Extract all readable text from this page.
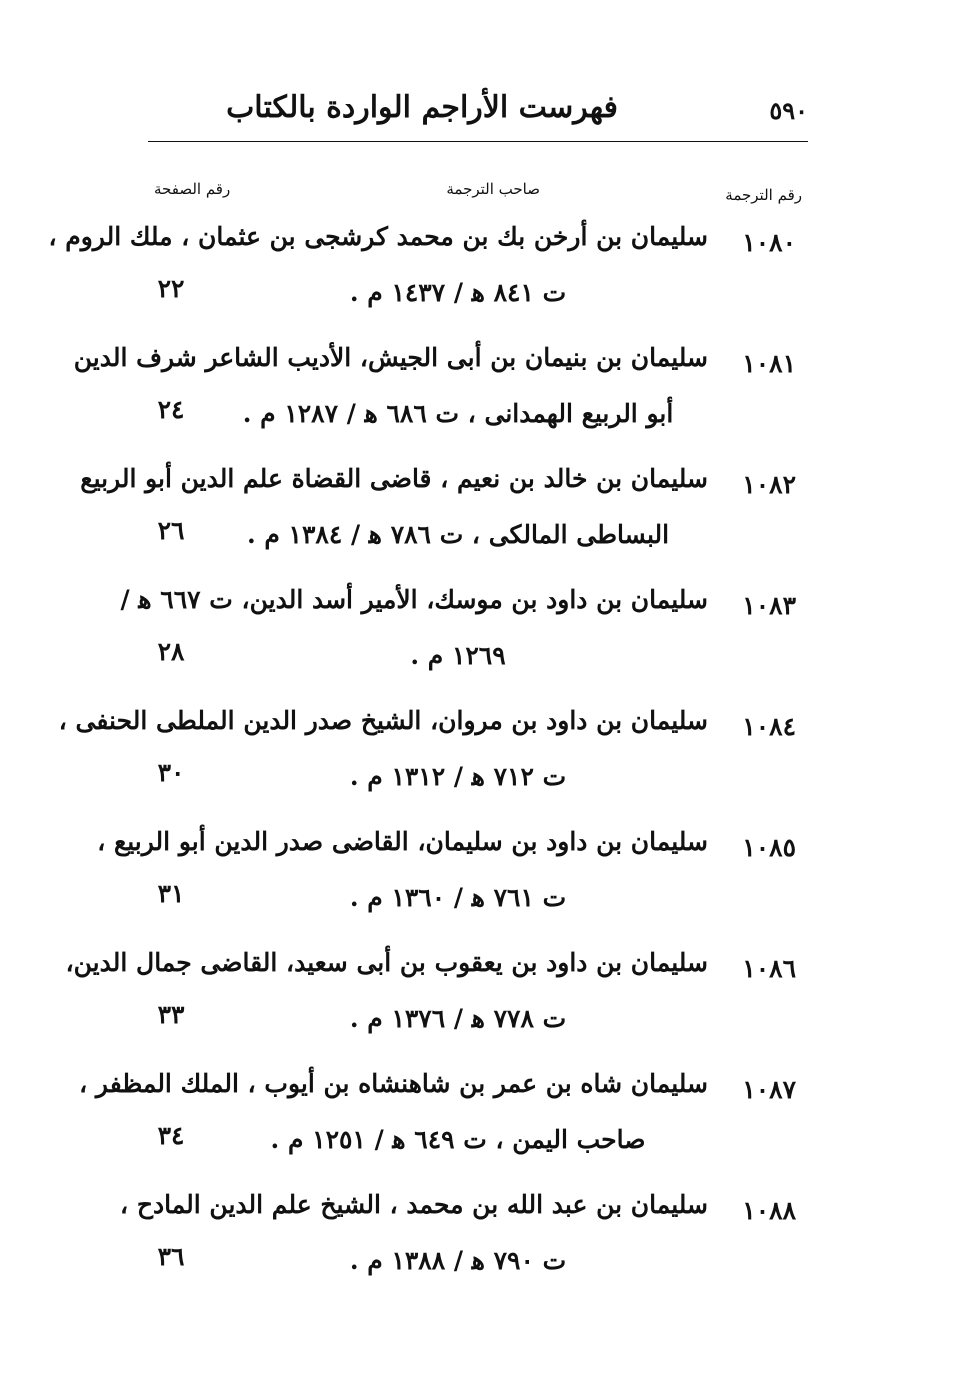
فهرست الأراجم الواردة بالكتاب	٥٩٠
رقم الترجمة
صاحب الترجمة
رقم الصفحة
١٠٨٠
سليمان بن أرخن بك بن محمد كرشجى بن عثمان ، ملك الروم ،
ت ٨٤١ ﻫ / ١٤٣٧ م .
٢٢
١٠٨١
سليمان بن بنيمان بن أبى الجيش، الأديب الشاعر شرف الدين
أبو الربيع الهمدانى ، ت ٦٨٦ ﻫ / ١٢٨٧ م .
٢٤
١٠٨٢
سليمان بن خالد بن نعيم ، قاضى القضاة علم الدين أبو الربيع
البساطى المالكى ، ت ٧٨٦ ﻫ / ١٣٨٤ م .
٢٦
١٠٨٣
سليمان بن داود بن موسك، الأمير أسد الدين، ت ٦٦٧ ﻫ /
١٢٦٩ م .
٢٨
١٠٨٤
سليمان بن داود بن مروان، الشيخ صدر الدين الملطى الحنفى ،
ت ٧١٢ ﻫ / ١٣١٢ م .
٣٠
١٠٨٥
سليمان بن داود بن سليمان، القاضى صدر الدين أبو الربيع ،
ت ٧٦١ ﻫ / ١٣٦٠ م .
٣١
١٠٨٦
سليمان بن داود بن يعقوب بن أبى سعيد، القاضى جمال الدين،
ت ٧٧٨ ﻫ / ١٣٧٦ م .
٣٣
١٠٨٧
سليمان شاه بن عمر بن شاهنشاه بن أيوب ، الملك المظفر ،
صاحب اليمن ، ت ٦٤٩ ﻫ / ١٢٥١ م .
٣٤
١٠٨٨
سليمان بن عبد الله بن محمد ، الشيخ علم الدين المادح ،
ت ٧٩٠ ﻫ / ١٣٨٨ م .
٣٦
